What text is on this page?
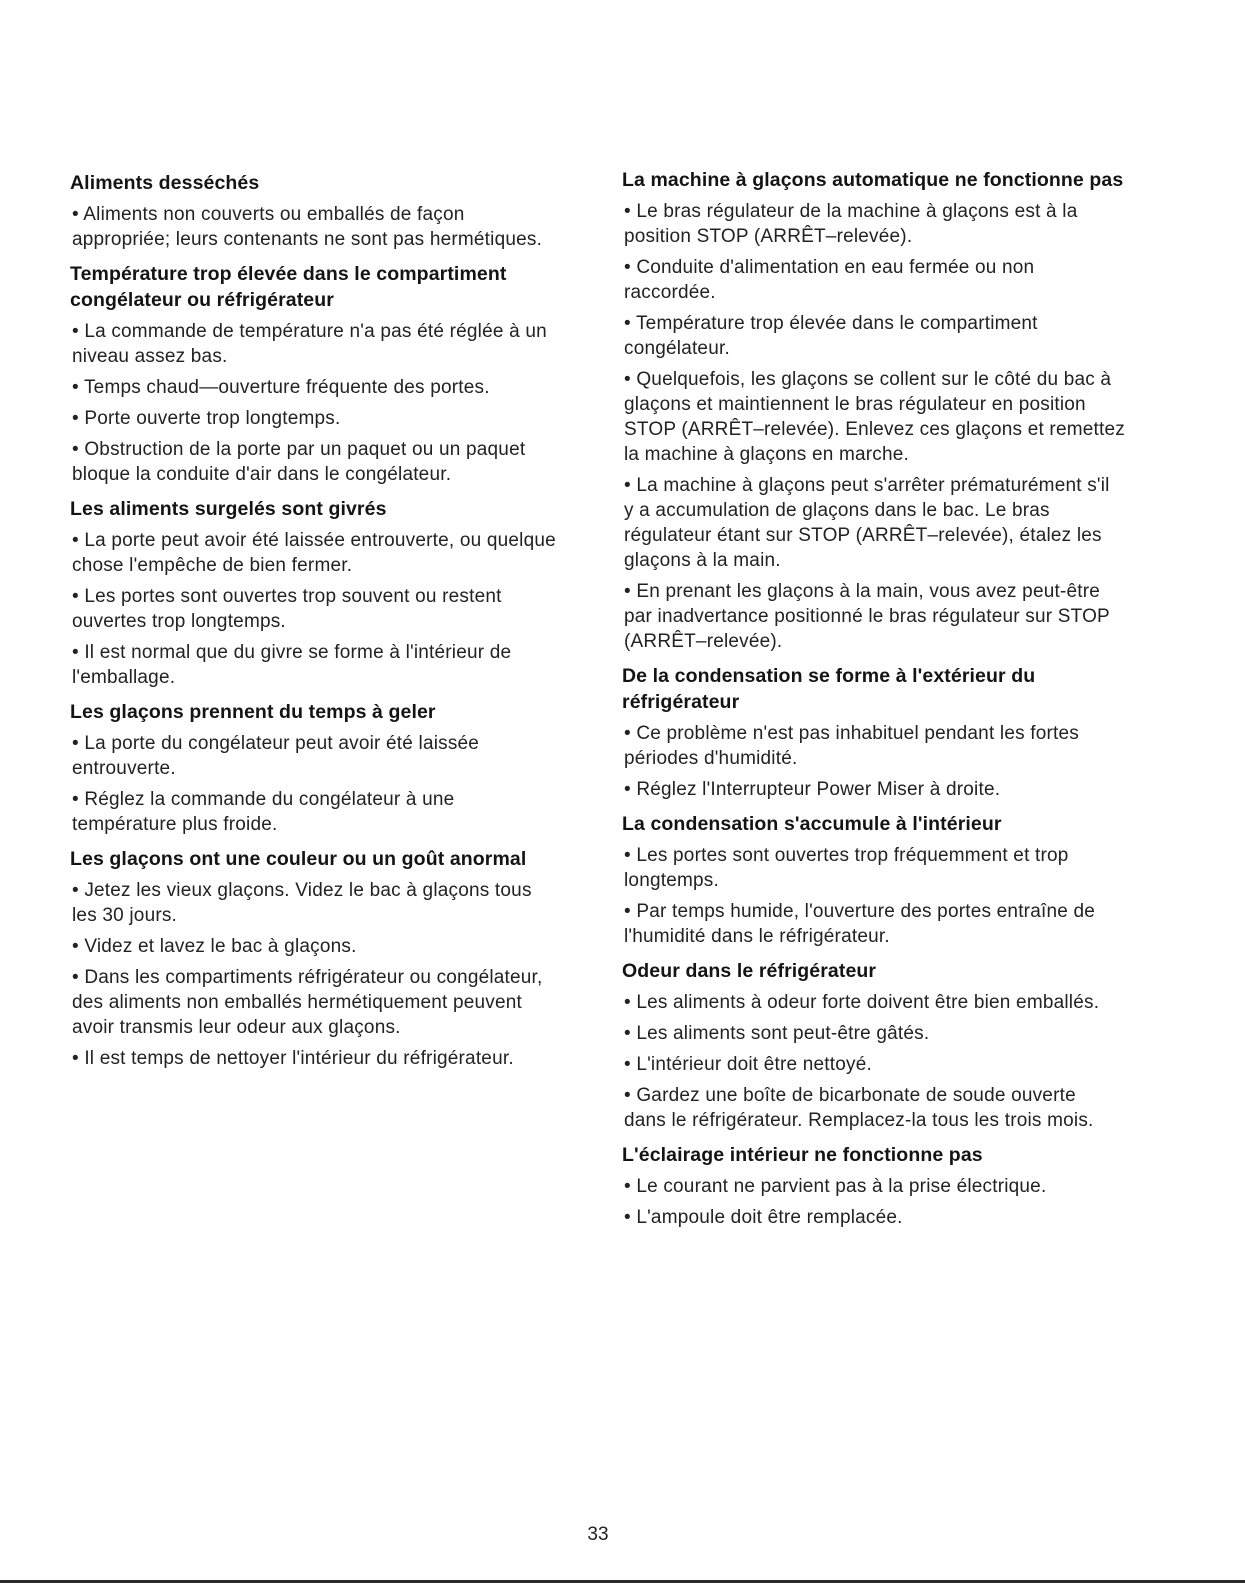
Aliments desséchés
• Aliments non couverts ou emballés de façon
appropriée; leurs contenants ne sont pas hermétiques.
Température trop élevée dans le compartiment
congélateur ou réfrigérateur
• La commande de température n'a pas été réglée à un
niveau assez bas.
• Temps chaud—ouverture fréquente des portes.
• Porte ouverte trop longtemps.
• Obstruction de la porte par un paquet ou un paquet
bloque la conduite d'air dans le congélateur.
Les aliments surgelés sont givrés
• La porte peut avoir été laissée entrouverte, ou quelque
chose l'empêche de bien fermer.
• Les portes sont ouvertes trop souvent ou restent
ouvertes trop longtemps.
• Il est normal que du givre se forme à l'intérieur de
l'emballage.
Les glaçons prennent du temps à geler
• La porte du congélateur peut avoir été laissée
entrouverte.
• Réglez la commande du congélateur à une
température plus froide.
Les glaçons ont une couleur ou un goût anormal
• Jetez les vieux glaçons. Videz le bac à glaçons tous
les 30 jours.
• Videz et lavez le bac à glaçons.
• Dans les compartiments réfrigérateur ou congélateur,
des aliments non emballés hermétiquement peuvent
avoir transmis leur odeur aux glaçons.
• Il est temps de nettoyer l'intérieur du réfrigérateur.
La machine à glaçons automatique ne fonctionne pas
• Le bras régulateur de la machine à glaçons est à la
position STOP (ARRÊT–relevée).
• Conduite d'alimentation en eau fermée ou non
raccordée.
• Température trop élevée dans le compartiment
congélateur.
• Quelquefois, les glaçons se collent sur le côté du bac à
glaçons et maintiennent le bras régulateur en position
STOP (ARRÊT–relevée). Enlevez ces glaçons et remettez
la machine à glaçons en marche.
• La machine à glaçons peut s'arrêter prématurément s'il
y a accumulation de glaçons dans le bac. Le bras
régulateur étant sur STOP (ARRÊT–relevée), étalez les
glaçons à la main.
• En prenant les glaçons à la main, vous avez peut-être
par inadvertance positionné le bras régulateur sur STOP
(ARRÊT–relevée).
De la condensation se forme à l'extérieur du
réfrigérateur
• Ce problème n'est pas inhabituel pendant les fortes
périodes d'humidité.
• Réglez l'Interrupteur Power Miser à droite.
La condensation s'accumule à l'intérieur
• Les portes sont ouvertes trop fréquemment et trop
longtemps.
• Par temps humide, l'ouverture des portes entraîne de
l'humidité dans le réfrigérateur.
Odeur dans le réfrigérateur
• Les aliments à odeur forte doivent être bien emballés.
• Les aliments sont peut-être gâtés.
• L'intérieur doit être nettoyé.
• Gardez une boîte de bicarbonate de soude ouverte
dans le réfrigérateur. Remplacez-la tous les trois mois.
L'éclairage intérieur ne fonctionne pas
• Le courant ne parvient pas à la prise électrique.
• L'ampoule doit être remplacée.
33
